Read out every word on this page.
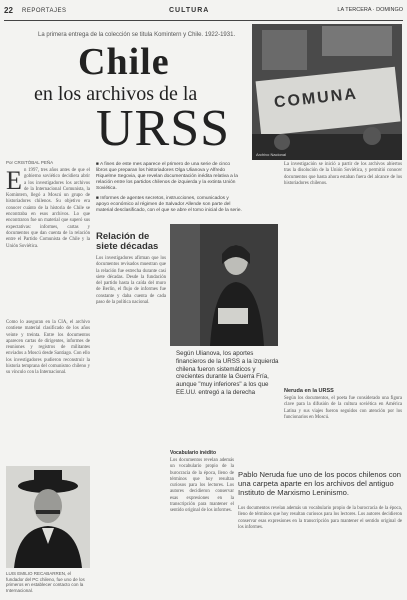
22 REPORTAJES	CULTURA	LA TERCERA · DOMINGO
La primera entrega de la colección se titula Komintern y Chile. 1922-1931.
Chile
en los archivos de la
URSS
COMUNA
Archivo Nacional
Por CRISTÓBAL PEÑA
E n 1997, tres años antes de que el gobierno soviético decidiera abrir a los investigadores los archivos de la Internacional Comunista, la Komintern, llegó a Moscú un grupo de historiadores chilenos. Su objetivo era conocer cuánto de la historia de Chile se encontraba en esos archivos. Lo que encontraron fue un material que superó sus expectativas: informes, cartas y documentos que dan cuenta de la relación entre el Partido Comunista de Chile y la Unión Soviética.
Como lo aseguran en la CIA, el archivo contiene material clasificado de los años veinte y treinta. Entre los documentos aparecen cartas de dirigentes, informes de reuniones y registros de militantes enviados a Moscú desde Santiago. Con ello los investigadores pudieron reconstruir la historia temprana del comunismo chileno y su vínculo con la Internacional.
■ A fines de este mes aparece el primero de una serie de cinco libros que preparan los historiadores Olga Ulianova y Alfredo Riquelme Segovia, que revelan documentación inédita relativa a la relación entre los partidos chilenos de izquierda y la extinta Unión Soviética.
■ Informes de agentes secretos, instrucciones, comunicados y apoyo económico al régimen de Salvador Allende son parte del material desclasificado, con el que se abre el tomo inicial de la serie.
Relación de siete décadas
Los investigadores afirman que los documentos revisados muestran que la relación fue estrecha durante casi siete décadas. Desde la fundación del partido hasta la caída del muro de Berlín, el flujo de informes fue constante y daba cuenta de cada paso de la política nacional.
Según Ulianova, los aportes financieros de la URSS a la izquierda chilena fueron sistemáticos y crecientes durante la Guerra Fría, aunque "muy inferiores" a los que EE.UU. entregó a la derecha
La investigación se inició a partir de los archivos abiertos tras la disolución de la Unión Soviética, y permitió conocer documentos que hasta ahora estaban fuera del alcance de los historiadores chilenos.
Neruda en la URSS
Según los documentos, el poeta fue considerado una figura clave para la difusión de la cultura soviética en América Latina y sus viajes fueron seguidos con atención por los funcionarios en Moscú.
Pablo Neruda fue uno de los pocos chilenos con una carpeta aparte en los archivos del antiguo Instituto de Marxismo Leninismo.
Vocabulario inédito
Los documentos revelan además un vocabulario propio de la burocracia de la época, lleno de términos que hoy resultan curiosos para los lectores. Los autores decidieron conservar esas expresiones en la transcripción para mantener el sentido original de los informes.	Los documentos revelan además un vocabulario propio de la burocracia de la época, lleno de términos que hoy resultan curiosos para los lectores. Los autores decidieron conservar esas expresiones en la transcripción para mantener el sentido original de los informes.
LUIS EMILIO RECABARREN, el fundador del PC chileno, fue uno de los primeros en establecer contacto con la Internacional.
